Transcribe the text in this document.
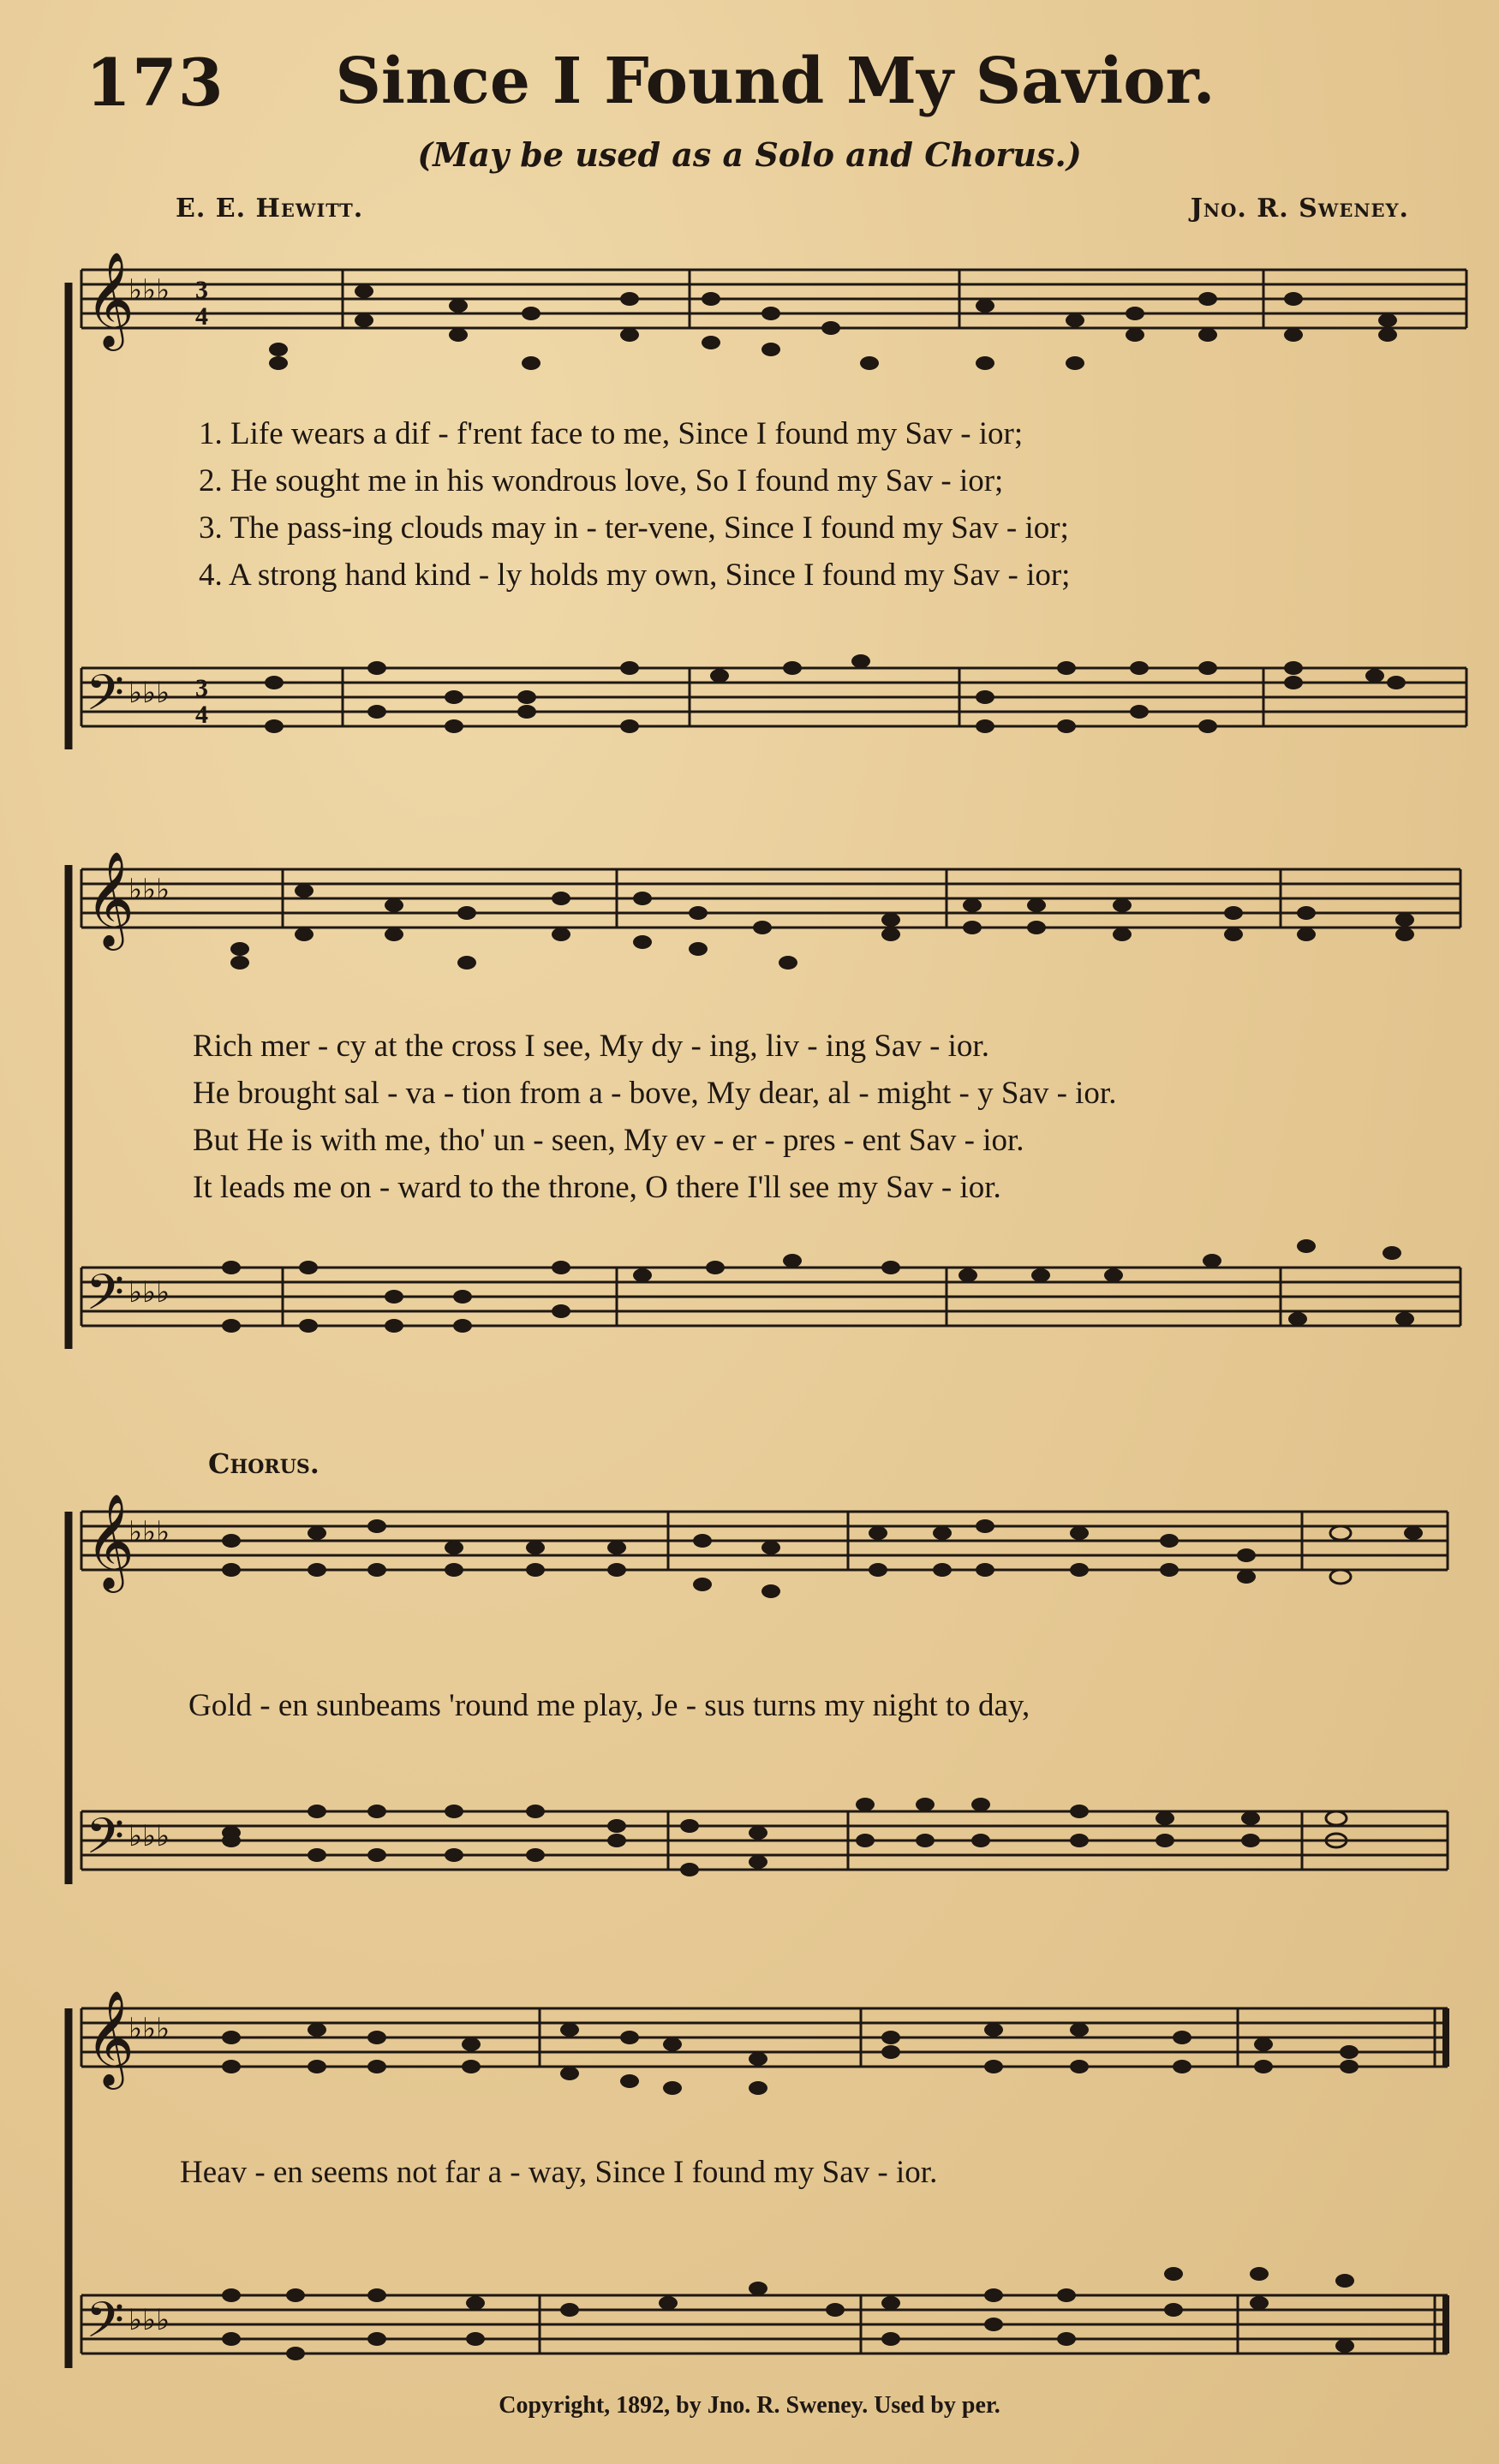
173	Since I Found My Savior.
(May be used as a Solo and Chorus.)
E. E. Hewitt.	Jno. R. Sweney.
𝄞
𝄢
♭♭♭
♭♭♭
3
4
3
4
1. Life wears a dif - f'rent face to me, Since I found my Sav - ior;
2. He sought me in his wondrous love, So I found my Sav - ior;
3. The pass-ing clouds may in - ter-vene, Since I found my Sav - ior;
4. A strong hand kind - ly holds my own, Since I found my Sav - ior;
𝄞
𝄢
♭♭♭
♭♭♭
Rich mer - cy at the cross I see, My dy - ing, liv - ing Sav - ior.
He brought sal - va - tion from a - bove, My dear, al - might - y Sav - ior.
But He is with me, tho' un - seen, My ev - er - pres - ent Sav - ior.
It leads me on - ward to the throne, O there I'll see my Sav - ior.
Chorus.
𝄞
𝄢
♭♭♭
♭♭♭
Gold - en sunbeams 'round me play, Je - sus turns my night to day,
𝄞
𝄢
♭♭♭
♭♭♭
Heav - en seems not far a - way, Since I found my Sav - ior.
Copyright, 1892, by Jno. R. Sweney. Used by per.
